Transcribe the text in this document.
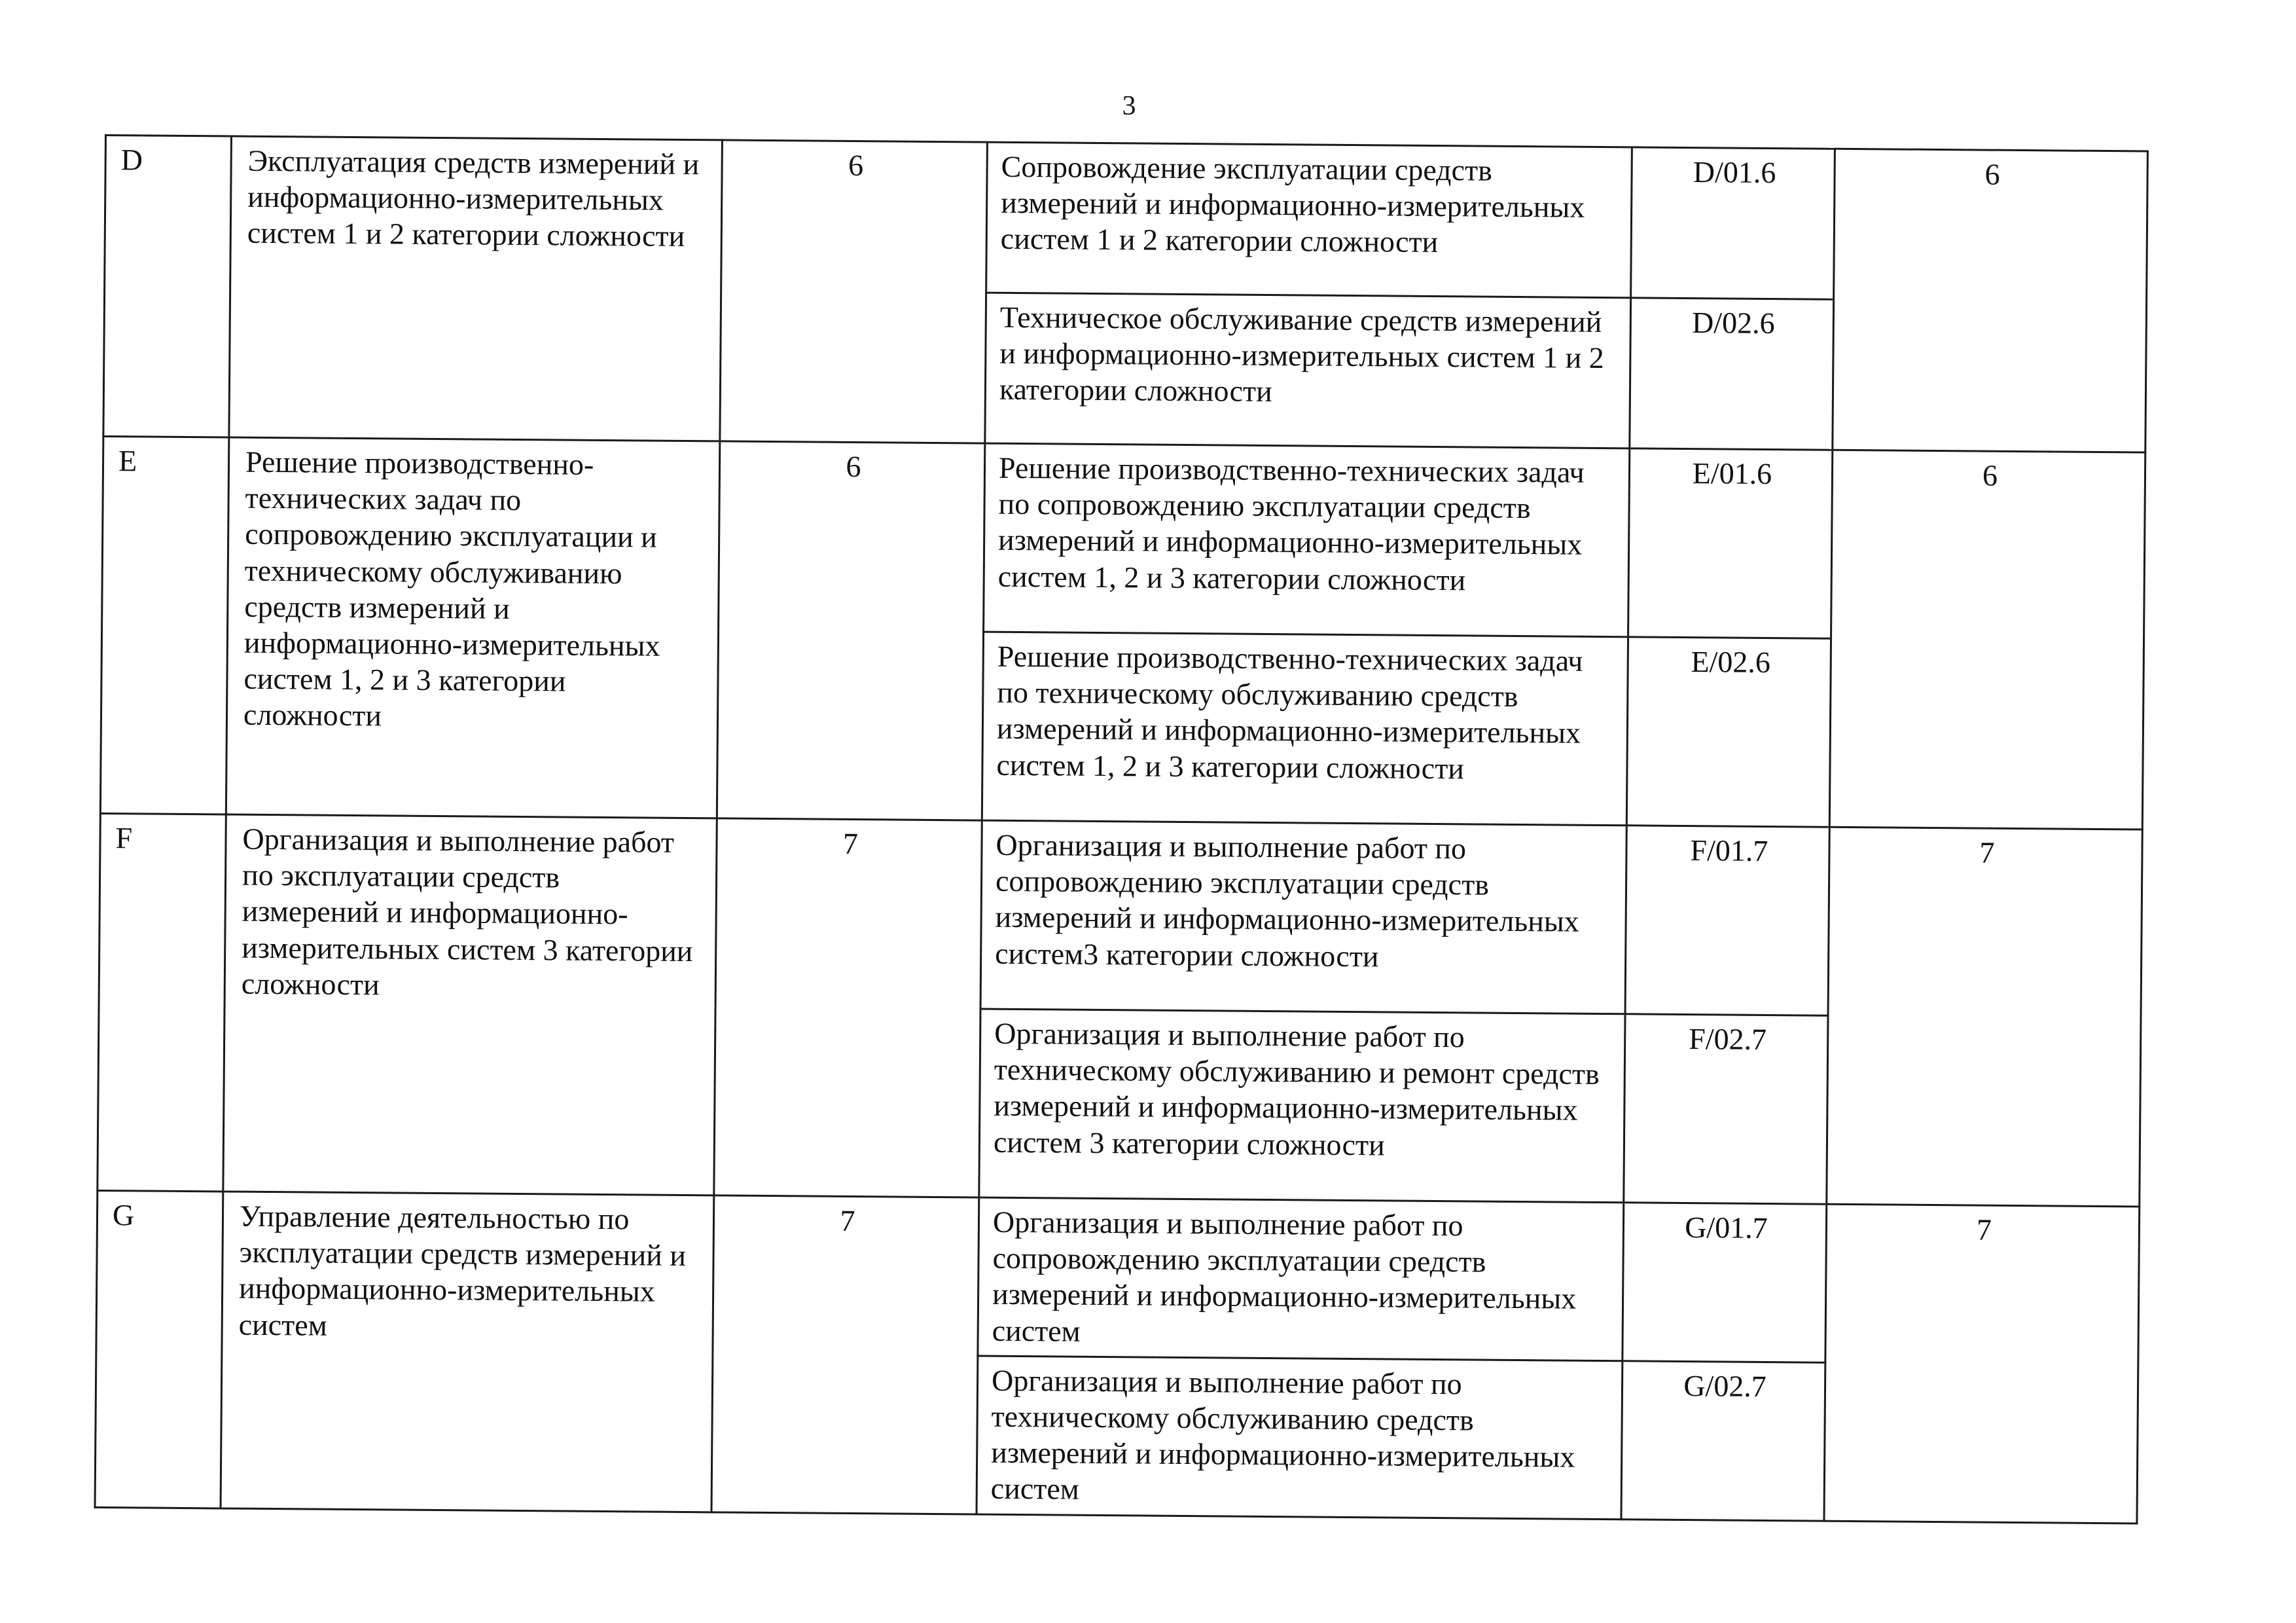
3
D	Эксплуатация средств измерений и информационно-измерительных систем 1 и 2 категории сложности	6	Сопровождение эксплуатации средств измерений и информационно-измерительных систем 1 и 2 категории сложности	D/01.6	6
			Техническое обслуживание средств измерений и информационно-измерительных систем 1 и 2 категории сложности	D/02.6	
E	Решение производственно-технических задач по сопровождению эксплуатации и техническому обслуживанию средств измерений и информационно-измерительных систем 1, 2 и 3 категории сложности	6	Решение производственно-технических задач по сопровождению эксплуатации средств измерений и информационно-измерительных систем 1, 2 и 3 категории сложности	E/01.6	6
			Решение производственно-технических задач по техническому обслуживанию средств измерений и информационно-измерительных систем 1, 2 и 3 категории сложности	E/02.6	
F	Организация и выполнение работ по эксплуатации средств измерений и информационно-измерительных систем 3 категории сложности	7	Организация и выполнение работ по сопровождению эксплуатации средств измерений и информационно-измерительных систем3 категории сложности	F/01.7	7
			Организация и выполнение работ по техническому обслуживанию и ремонт средств измерений и информационно-измерительных систем 3 категории сложности	F/02.7	
G	Управление деятельностью по эксплуатации средств измерений и информационно-измерительных систем	7	Организация и выполнение работ по сопровождению эксплуатации средств измерений и информационно-измерительных систем	G/01.7	7
			Организация и выполнение работ по техническому обслуживанию средств измерений и информационно-измерительных систем	G/02.7	
